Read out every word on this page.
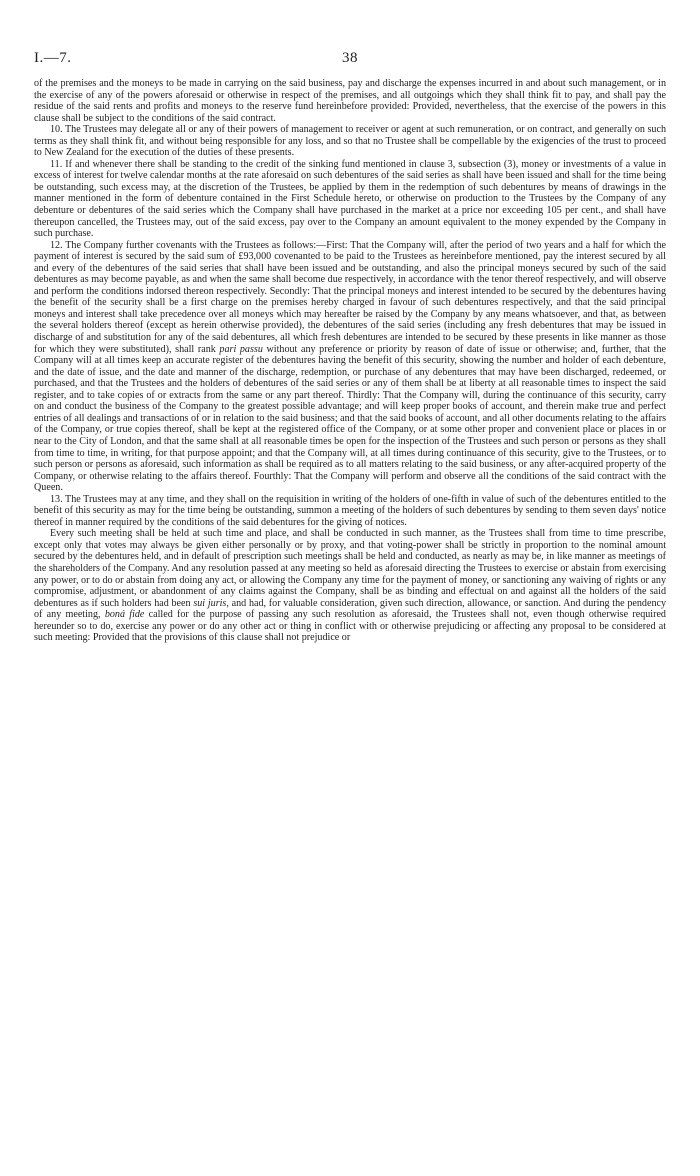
I.—7.	38

of the premises and the moneys to be made in carrying on the said business, pay and discharge the expenses incurred in and about such management, or in the exercise of any of the powers aforesaid or otherwise in respect of the premises, and all outgoings which they shall think fit to pay, and shall pay the residue of the said rents and profits and moneys to the reserve fund hereinbefore provided: Provided, nevertheless, that the exercise of the powers in this clause shall be subject to the conditions of the said contract.

10. The Trustees may delegate all or any of their powers of management to receiver or agent at such remuneration, or on contract, and generally on such terms as they shall think fit, and without being responsible for any loss, and so that no Trustee shall be compellable by the exigencies of the trust to proceed to New Zealand for the execution of the duties of these presents.

11. If and whenever there shall be standing to the credit of the sinking fund mentioned in clause 3, subsection (3), money or investments of a value in excess of interest for twelve calendar months at the rate aforesaid on such debentures of the said series as shall have been issued and shall for the time being be outstanding, such excess may, at the discretion of the Trustees, be applied by them in the redemption of such debentures by means of drawings in the manner mentioned in the form of debenture contained in the First Schedule hereto, or otherwise on production to the Trustees by the Company of any debenture or debentures of the said series which the Company shall have purchased in the market at a price nor exceeding 105 per cent., and shall have thereupon cancelled, the Trustees may, out of the said excess, pay over to the Company an amount equivalent to the money expended by the Company in such purchase.

12. The Company further covenants with the Trustees as follows:—First: That the Company will, after the period of two years and a half for which the payment of interest is secured by the said sum of £93,000 covenanted to be paid to the Trustees as hereinbefore mentioned, pay the interest secured by all and every of the debentures of the said series that shall have been issued and be outstanding, and also the principal moneys secured by such of the said debentures as may become payable, as and when the same shall become due respectively, in accordance with the tenor thereof respectively, and will observe and perform the conditions indorsed thereon respectively. Secondly: That the principal moneys and interest intended to be secured by the debentures having the benefit of the security shall be a first charge on the premises hereby charged in favour of such debentures respectively, and that the said principal moneys and interest shall take precedence over all moneys which may hereafter be raised by the Company by any means whatsoever, and that, as between the several holders thereof (except as herein otherwise provided), the debentures of the said series (including any fresh debentures that may be issued in discharge of and substitution for any of the said debentures, all which fresh debentures are intended to be secured by these presents in like manner as those for which they were substituted), shall rank pari passu without any preference or priority by reason of date of issue or otherwise; and, further, that the Company will at all times keep an accurate register of the debentures having the benefit of this security, showing the number and holder of each debenture, and the date of issue, and the date and manner of the discharge, redemption, or purchase of any debentures that may have been discharged, redeemed, or purchased, and that the Trustees and the holders of debentures of the said series or any of them shall be at liberty at all reasonable times to inspect the said register, and to take copies of or extracts from the same or any part thereof. Thirdly: That the Company will, during the continuance of this security, carry on and conduct the business of the Company to the greatest possible advantage; and will keep proper books of account, and therein make true and perfect entries of all dealings and transactions of or in relation to the said business; and that the said books of account, and all other documents relating to the affairs of the Company, or true copies thereof, shall be kept at the registered office of the Company, or at some other proper and convenient place or places in or near to the City of London, and that the same shall at all reasonable times be open for the inspection of the Trustees and such person or persons as they shall from time to time, in writing, for that purpose appoint; and that the Company will, at all times during continuance of this security, give to the Trustees, or to such person or persons as aforesaid, such information as shall be required as to all matters relating to the said business, or any after-acquired property of the Company, or otherwise relating to the affairs thereof. Fourthly: That the Company will perform and observe all the conditions of the said contract with the Queen.

13. The Trustees may at any time, and they shall on the requisition in writing of the holders of one-fifth in value of such of the debentures entitled to the benefit of this security as may for the time being be outstanding, summon a meeting of the holders of such debentures by sending to them seven days' notice thereof in manner required by the conditions of the said debentures for the giving of notices.

Every such meeting shall be held at such time and place, and shall be conducted in such manner, as the Trustees shall from time to time prescribe, except only that votes may always be given either personally or by proxy, and that voting-power shall be strictly in proportion to the nominal amount secured by the debentures held, and in default of prescription such meetings shall be held and conducted, as nearly as may be, in like manner as meetings of the shareholders of the Company. And any resolution passed at any meeting so held as aforesaid directing the Trustees to exercise or abstain from exercising any power, or to do or abstain from doing any act, or allowing the Company any time for the payment of money, or sanctioning any waiving of rights or any compromise, adjustment, or abandonment of any claims against the Company, shall be as binding and effectual on and against all the holders of the said debentures as if such holders had been sui juris, and had, for valuable consideration, given such direction, allowance, or sanction. And during the pendency of any meeting, boná fide called for the purpose of passing any such resolution as aforesaid, the Trustees shall not, even though otherwise required hereunder so to do, exercise any power or do any other act or thing in conflict with or otherwise prejudicing or affecting any proposal to be considered at such meeting: Provided that the provisions of this clause shall not prejudice or
